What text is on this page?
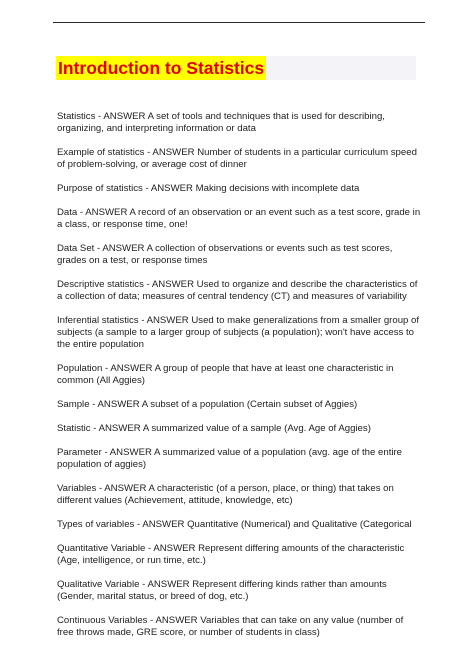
Introduction to Statistics

Statistics - ANSWER A set of tools and techniques that is used for describing, organizing, and interpreting information or data

Example of statistics - ANSWER Number of students in a particular curriculum speed of problem-solving, or average cost of dinner

Purpose of statistics - ANSWER Making decisions with incomplete data

Data - ANSWER A record of an observation or an event such as a test score, grade in a class, or response time, one!

Data Set - ANSWER A collection of observations or events such as test scores, grades on a test, or response times

Descriptive statistics - ANSWER Used to organize and describe the characteristics of a collection of data; measures of central tendency (CT) and measures of variability

Inferential statistics - ANSWER Used to make generalizations from a smaller group of subjects (a sample to a larger group of subjects (a population); won't have access to the entire population

Population - ANSWER A group of people that have at least one characteristic in common (All Aggies)

Sample - ANSWER A subset of a population (Certain subset of Aggies)

Statistic - ANSWER A summarized value of a sample (Avg. Age of Aggies)

Parameter - ANSWER A summarized value of a population (avg. age of the entire population of aggies)

Variables - ANSWER A characteristic (of a person, place, or thing) that takes on different values (Achievement, attitude, knowledge, etc)

Types of variables - ANSWER Quantitative (Numerical) and Qualitative (Categorical

Quantitative Variable - ANSWER Represent differing amounts of the characteristic (Age, intelligence, or run time, etc.)

Qualitative Variable - ANSWER Represent differing kinds rather than amounts (Gender, marital status, or breed of dog, etc.)

Continuous Variables - ANSWER Variables that can take on any value (number of free throws made, GRE score, or number of students in class)
